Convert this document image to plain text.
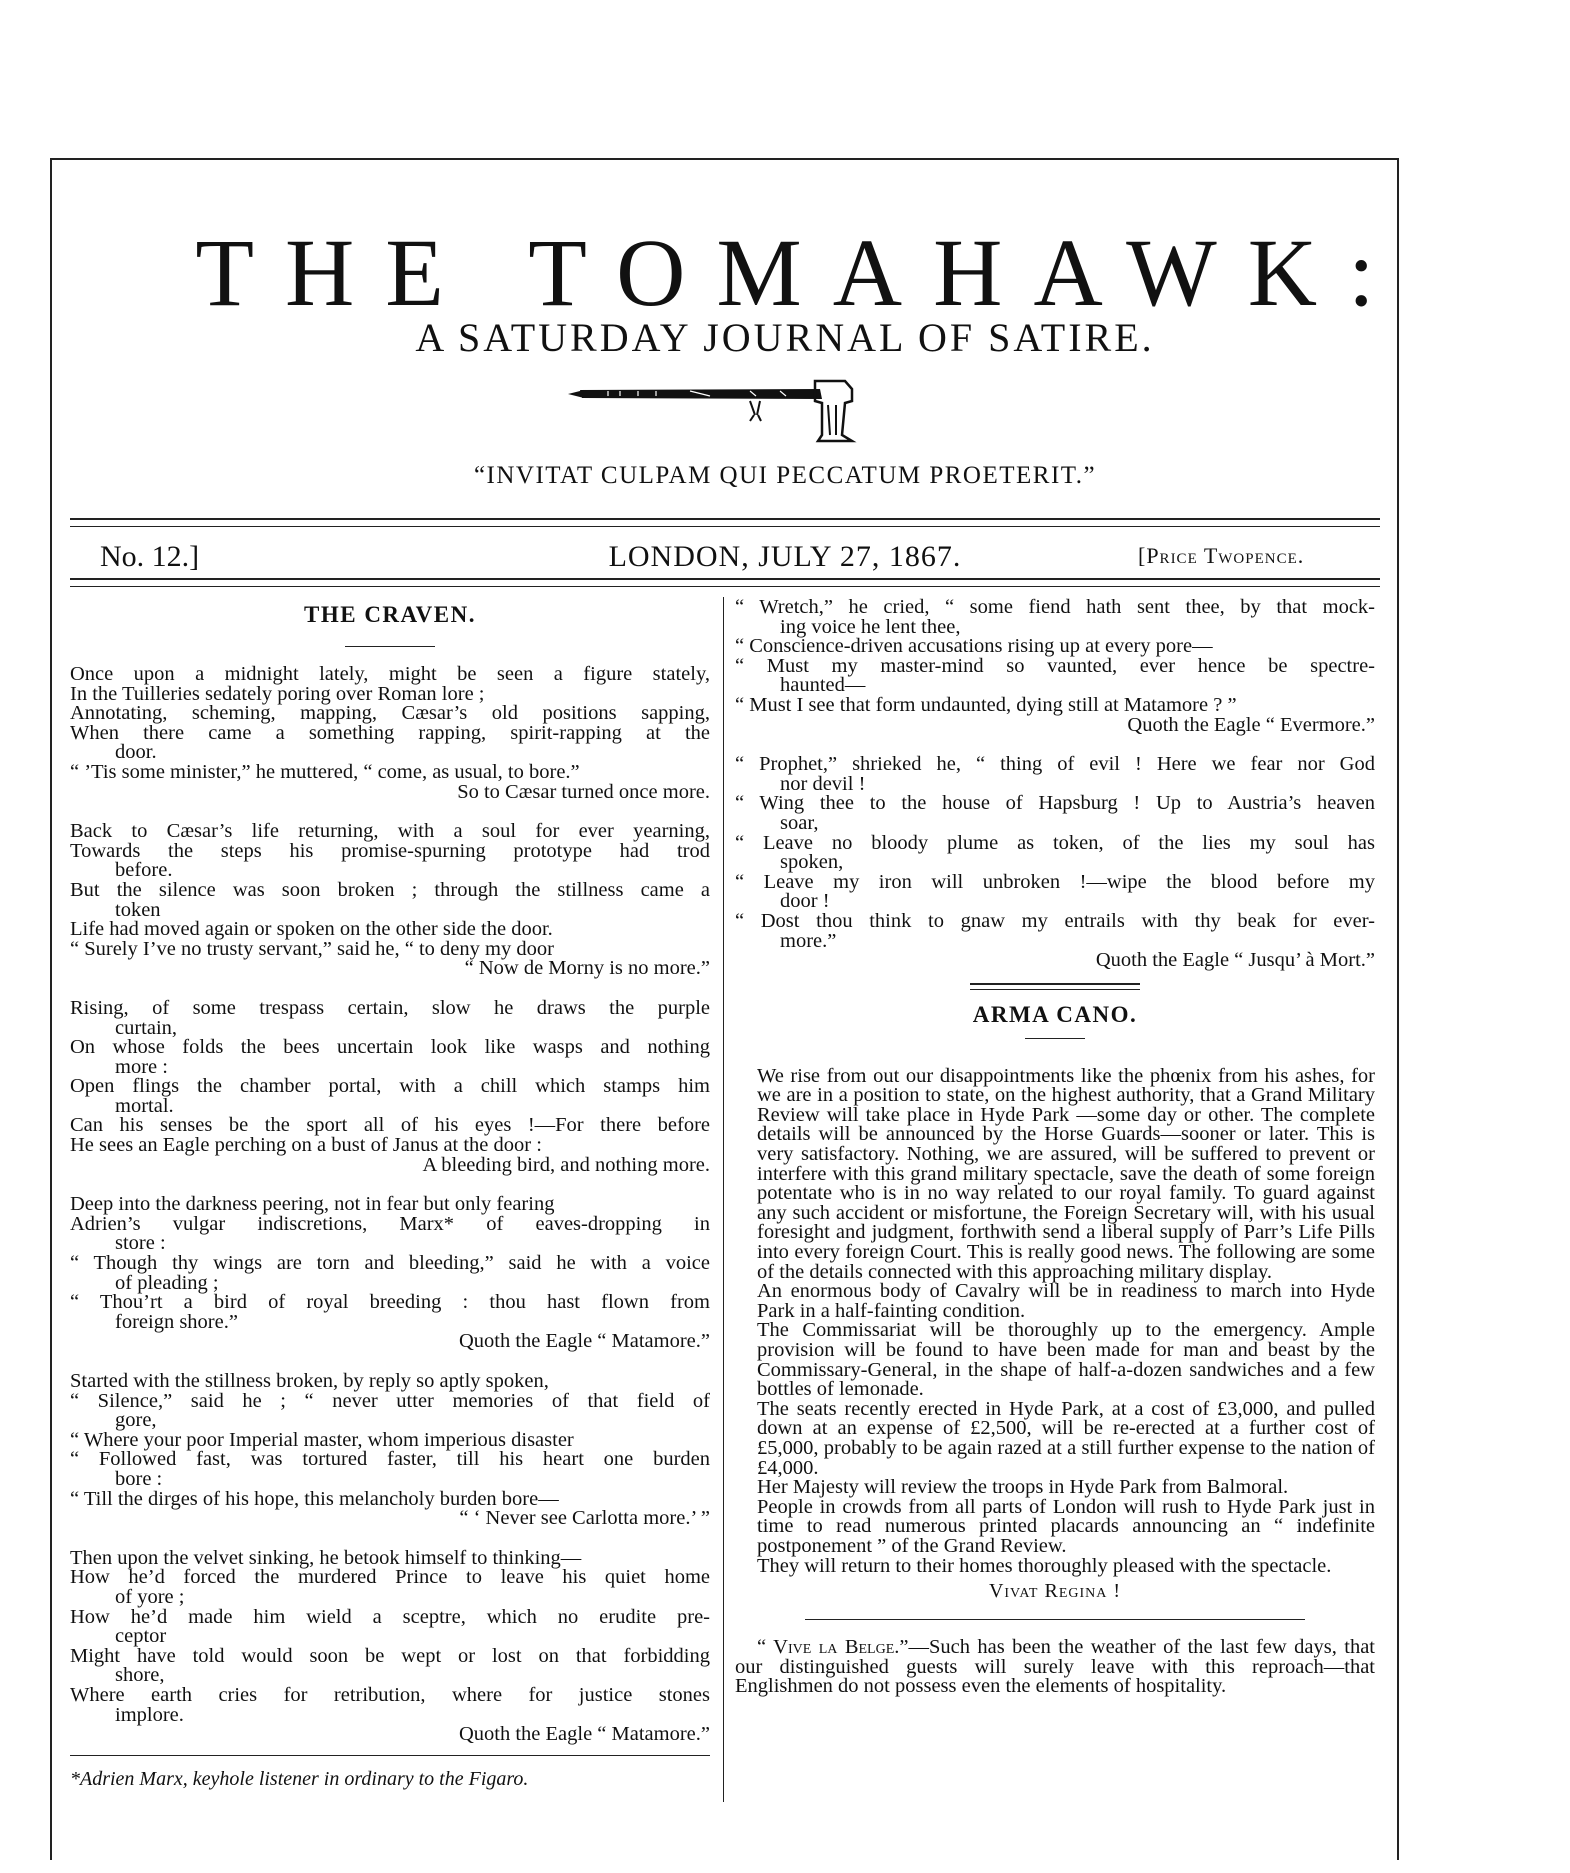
THE TOMAHAWK:
A SATURDAY JOURNAL OF SATIRE.
“INVITAT CULPAM QUI PECCATUM PROETERIT.”
No. 12.]	LONDON, JULY 27, 1867.	[Price Twopence.
THE CRAVEN.
Once upon a midnight lately, might be seen a figure stately,
In the Tuilleries sedately poring over Roman lore ;
Annotating, scheming, mapping, Cæsar’s old positions sapping,
When there came a something rapping, spirit-rapping at the
door.
“ ’Tis some minister,” he muttered, “ come, as usual, to bore.”
So to Cæsar turned once more.
Back to Cæsar’s life returning, with a soul for ever yearning,
Towards the steps his promise-spurning prototype had trod
before.
But the silence was soon broken ; through the stillness came a
token
Life had moved again or spoken on the other side the door.
“ Surely I’ve no trusty servant,” said he, “ to deny my door
“ Now de Morny is no more.”
Rising, of some trespass certain, slow he draws the purple
curtain,
On whose folds the bees uncertain look like wasps and nothing
more :
Open flings the chamber portal, with a chill which stamps him
mortal.
Can his senses be the sport all of his eyes !—For there before
He sees an Eagle perching on a bust of Janus at the door :
A bleeding bird, and nothing more.
Deep into the darkness peering, not in fear but only fearing
Adrien’s vulgar indiscretions, Marx* of eaves-dropping in
store :
“ Though thy wings are torn and bleeding,” said he with a voice
of pleading ;
“ Thou’rt a bird of royal breeding : thou hast flown from
foreign shore.”
Quoth the Eagle “ Matamore.”
Started with the stillness broken, by reply so aptly spoken,
“ Silence,” said he ; “ never utter memories of that field of
gore,
“ Where your poor Imperial master, whom imperious disaster
“ Followed fast, was tortured faster, till his heart one burden
bore :
“ Till the dirges of his hope, this melancholy burden bore—
“ ‘ Never see Carlotta more.’ ”
Then upon the velvet sinking, he betook himself to thinking—
How he’d forced the murdered Prince to leave his quiet home
of yore ;
How he’d made him wield a sceptre, which no erudite pre-
ceptor
Might have told would soon be wept or lost on that forbidding
shore,
Where earth cries for retribution, where for justice stones
implore.
Quoth the Eagle “ Matamore.”
*Adrien Marx, keyhole listener in ordinary to the Figaro.
“ Wretch,” he cried, “ some fiend hath sent thee, by that mock-
ing voice he lent thee,
“ Conscience-driven accusations rising up at every pore—
“ Must my master-mind so vaunted, ever hence be spectre-
haunted—
“ Must I see that form undaunted, dying still at Matamore ? ”
Quoth the Eagle “ Evermore.”
“ Prophet,” shrieked he, “ thing of evil ! Here we fear nor God
nor devil !
“ Wing thee to the house of Hapsburg ! Up to Austria’s heaven
soar,
“ Leave no bloody plume as token, of the lies my soul has
spoken,
“ Leave my iron will unbroken !—wipe the blood before my
door !
“ Dost thou think to gnaw my entrails with thy beak for ever-
more.”
Quoth the Eagle “ Jusqu’ à Mort.”
ARMA CANO.
We rise from out our disappointments like the phœnix from his ashes, for we are in a position to state, on the highest authority, that a Grand Military Review will take place in Hyde Park —some day or other. The complete details will be announced by the Horse Guards—sooner or later. This is very satisfactory. Nothing, we are assured, will be suffered to prevent or interfere with this grand military spectacle, save the death of some foreign potentate who is in no way related to our royal family. To guard against any such accident or misfortune, the Foreign Secretary will, with his usual foresight and judgment, forthwith send a liberal supply of Parr’s Life Pills into every foreign Court. This is really good news. The following are some of the details connected with this approaching military display.
An enormous body of Cavalry will be in readiness to march into Hyde Park in a half-fainting condition.
The Commissariat will be thoroughly up to the emergency. Ample provision will be found to have been made for man and beast by the Commissary-General, in the shape of half-a-dozen sandwiches and a few bottles of lemonade.
The seats recently erected in Hyde Park, at a cost of £3,000, and pulled down at an expense of £2,500, will be re-erected at a further cost of £5,000, probably to be again razed at a still further expense to the nation of £4,000.
Her Majesty will review the troops in Hyde Park from Balmoral.
People in crowds from all parts of London will rush to Hyde Park just in time to read numerous printed placards announcing an “ indefinite postponement ” of the Grand Review.
They will return to their homes thoroughly pleased with the spectacle.
Vivat Regina !
“ Vive la Belge.”—Such has been the weather of the last few days, that our distinguished guests will surely leave with this reproach—that Englishmen do not possess even the elements of hospitality.
